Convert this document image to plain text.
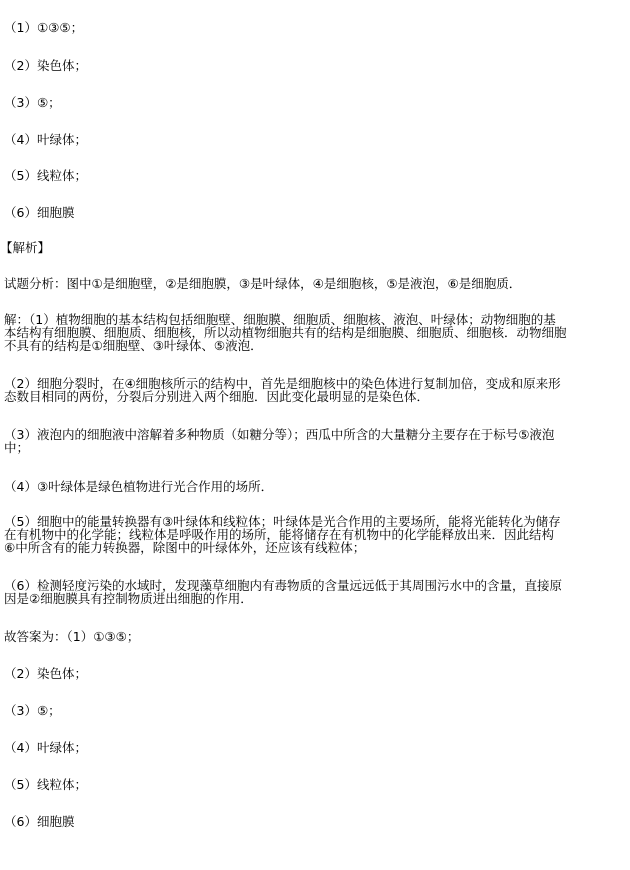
（1）①③⑤；
（2）染色体；
（3）⑤；
（4）叶绿体；
（5）线粒体；
（6）细胞膜
【解析】
试题分析：图中①是细胞壁，②是细胞膜，③是叶绿体，④是细胞核，⑤是液泡，⑥是细胞质．
解：（1）植物细胞的基本结构包括细胞壁、细胞膜、细胞质、细胞核、液泡、叶绿体；动物细胞的基
本结构有细胞膜、细胞质、细胞核，所以动植物细胞共有的结构是细胞膜、细胞质、细胞核．动物细胞
不具有的结构是①细胞壁、③叶绿体、⑤液泡．
（2）细胞分裂时，在④细胞核所示的结构中，首先是细胞核中的染色体进行复制加倍，变成和原来形
态数目相同的两份，分裂后分别进入两个细胞．因此变化最明显的是染色体．
（3）液泡内的细胞液中溶解着多种物质（如糖分等）；西瓜中所含的大量糖分主要存在于标号⑤液泡
中；
（4）③叶绿体是绿色植物进行光合作用的场所．
（5）细胞中的能量转换器有③叶绿体和线粒体；叶绿体是光合作用的主要场所，能将光能转化为储存
在有机物中的化学能；线粒体是呼吸作用的场所，能将储存在有机物中的化学能释放出来．因此结构
⑥中所含有的能力转换器，除图中的叶绿体外，还应该有线粒体；
（6）检测轻度污染的水域时，发现藻草细胞内有毒物质的含量远远低于其周围污水中的含量，直接原
因是②细胞膜具有控制物质进出细胞的作用．
故答案为：（1）①③⑤；
（2）染色体；
（3）⑤；
（4）叶绿体；
（5）线粒体；
（6）细胞膜
